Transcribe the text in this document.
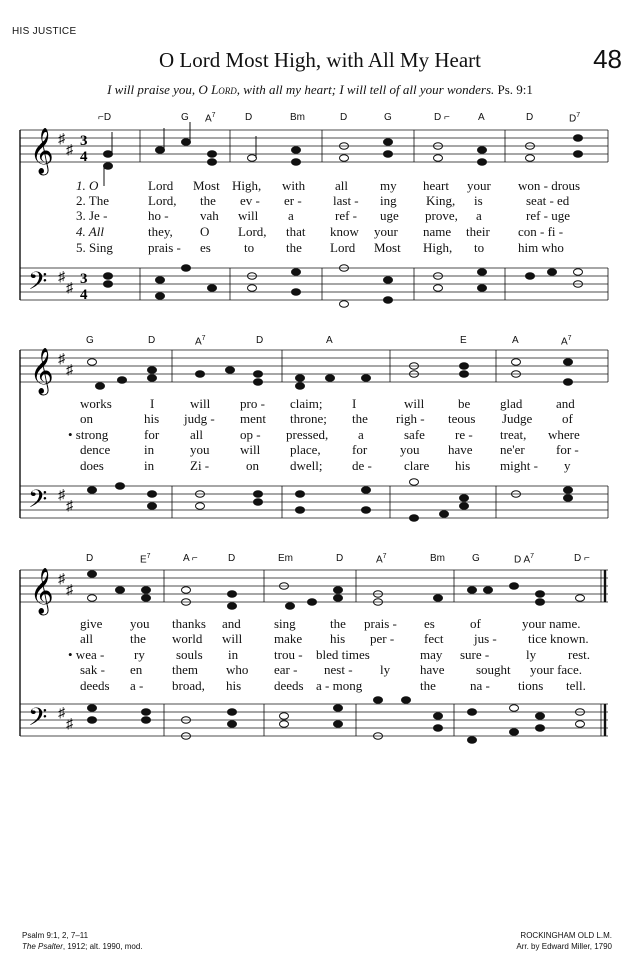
HIS JUSTICE
O Lord Most High, with All My Heart	48
I will praise you, O Lord, with all my heart; I will tell of all your wonders. Ps. 9:1
⌐D	G $A^7$	D	Bm	D	G	D ⌐	A	D	$D^7$
G	D	$A^7$	D	A	E	A	$A^7$
D	$E^7$	A ⌐	D	Em	D	$A^7$	Bm	G	D $A^7$	D ⌐
𝄞
𝄢
♯
♯
♯
♯
3
4
3
4
𝄞
𝄢
♯
♯
♯
♯
𝄞
𝄢
♯
♯
♯
♯
1. O	Lord Most High, with all my heart your won - drous
2. The	Lord, the ev - er - last - ing King, is	seat - ed
3. Je -	ho - vah will a	ref - uge prove, a	ref - uge
4. All	they, O Lord, that know your name their con - fi -
5. Sing	prais - es	to the Lord Most High, to	him who
works	I	will pro - claim; I	will	be glad	and
on	his judg - ment throne; the righ - teous Judge of
• strong	for all	op - pressed, a	safe re - treat, where
dence	in	you will place, for	you have ne'er for -
does	in	Zi -	on dwell; de - clare his might - y
give you thanks and	sing	the prais - es	of	your name.
all	the world will make his per - fect jus - tice known.
• wea - ry souls in	trou - bled times	may sure -	ly rest.
sak - en them who ear - nest - ly have sought your face.
deeds a - broad, his	deeds a - mong	the	na - tions tell.
Psalm 9:1, 2, 7–11
The Psalter, 1912; alt. 1990, mod.
ROCKINGHAM OLD L.M.
Arr. by Edward Miller, 1790
